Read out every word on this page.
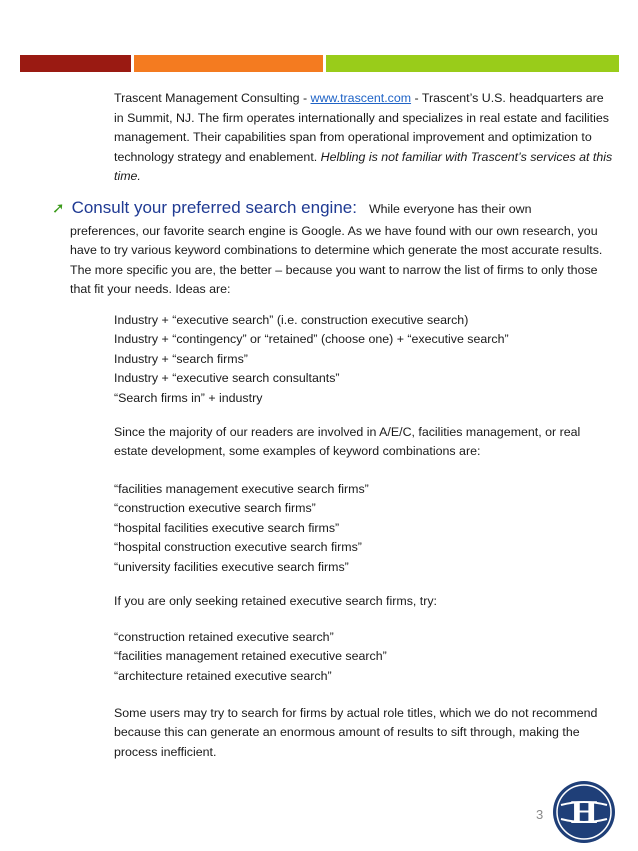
Trascent Management Consulting - www.trascent.com - Trascent’s U.S. headquarters are in Summit, NJ. The firm operates internationally and specializes in real estate and facilities management. Their capabilities span from operational improvement and optimization to technology strategy and enablement. Helbling is not familiar with Trascent’s services at this time.

➚ Consult your preferred search engine: While everyone has their own
preferences, our favorite search engine is Google. As we have found with our own research, you have to try various keyword combinations to determine which generate the most accurate results. The more specific you are, the better – because you want to narrow the list of firms to only those that fit your needs. Ideas are:
Industry + “executive search” (i.e. construction executive search)
Industry + “contingency” or “retained” (choose one) + “executive search”
Industry + “search firms”
Industry + “executive search consultants”
“Search firms in” + industry
Since the majority of our readers are involved in A/E/C, facilities management, or real estate development, some examples of keyword combinations are:
“facilities management executive search firms”
“construction executive search firms”
“hospital facilities executive search firms”
“hospital construction executive search firms”
“university facilities executive search firms”
If you are only seeking retained executive search firms, try:
“construction retained executive search”
“facilities management retained executive search”
“architecture retained executive search”
Some users may try to search for firms by actual role titles, which we do not recommend because this can generate an enormous amount of results to sift through, making the process inefficient.
3 H
